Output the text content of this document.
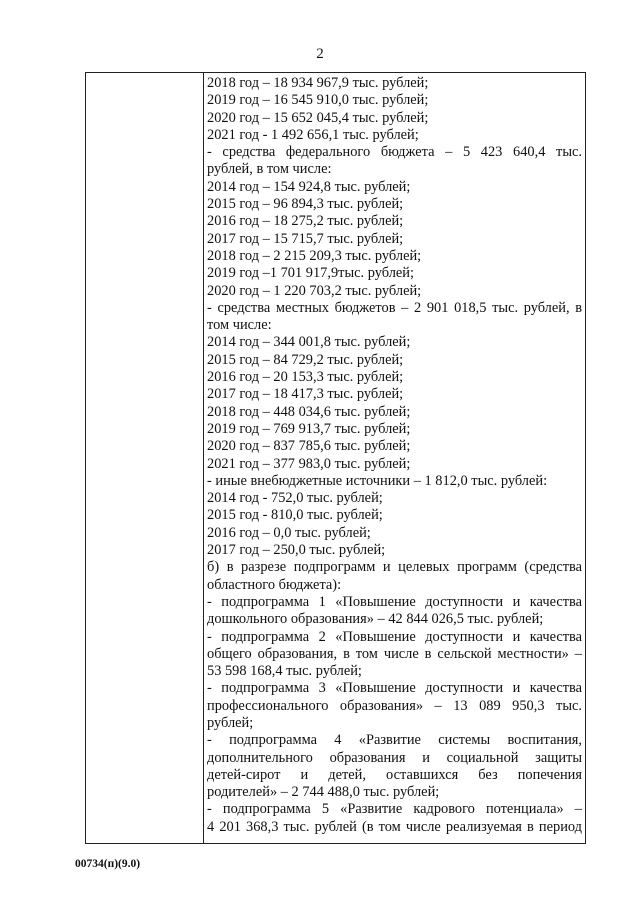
2
2018 год – 18 934 967,9 тыс. рублей;
2019 год – 16 545 910,0 тыс. рублей;
2020 год – 15 652 045,4 тыс. рублей;
2021 год - 1 492 656,1 тыс. рублей;
- средства федерального бюджета – 5 423 640,4 тыс.
рублей, в том числе:
2014 год – 154 924,8 тыс. рублей;
2015 год – 96 894,3 тыс. рублей;
2016 год – 18 275,2 тыс. рублей;
2017 год – 15 715,7 тыс. рублей;
2018 год – 2 215 209,3 тыс. рублей;
2019 год –1 701 917,9тыс. рублей;
2020 год – 1 220 703,2 тыс. рублей;
- средства местных бюджетов – 2 901 018,5 тыс. рублей, в
том числе:
2014 год – 344 001,8 тыс. рублей;
2015 год – 84 729,2 тыс. рублей;
2016 год – 20 153,3 тыс. рублей;
2017 год – 18 417,3 тыс. рублей;
2018 год – 448 034,6 тыс. рублей;
2019 год – 769 913,7 тыс. рублей;
2020 год – 837 785,6 тыс. рублей;
2021 год – 377 983,0 тыс. рублей;
- иные внебюджетные источники – 1 812,0 тыс. рублей:
2014 год - 752,0 тыс. рублей;
2015 год - 810,0 тыс. рублей;
2016 год – 0,0 тыс. рублей;
2017 год – 250,0 тыс. рублей;
б) в разрезе подпрограмм и целевых программ (средства
областного бюджета):
- подпрограмма 1 «Повышение доступности и качества
дошкольного образования» – 42 844 026,5 тыс. рублей;
- подпрограмма 2 «Повышение доступности и качества
общего образования, в том числе в сельской местности» –
53 598 168,4 тыс. рублей;
- подпрограмма 3 «Повышение доступности и качества
профессионального образования» – 13 089 950,3 тыс.
рублей;
- подпрограмма 4 «Развитие системы воспитания,
дополнительного образования и социальной защиты
детей-сирот и детей, оставшихся без попечения
родителей» – 2 744 488,0 тыс. рублей;
- подпрограмма 5 «Развитие кадрового потенциала» –
4 201 368,3 тыс. рублей (в том числе реализуемая в период
00734(п)(9.0)
